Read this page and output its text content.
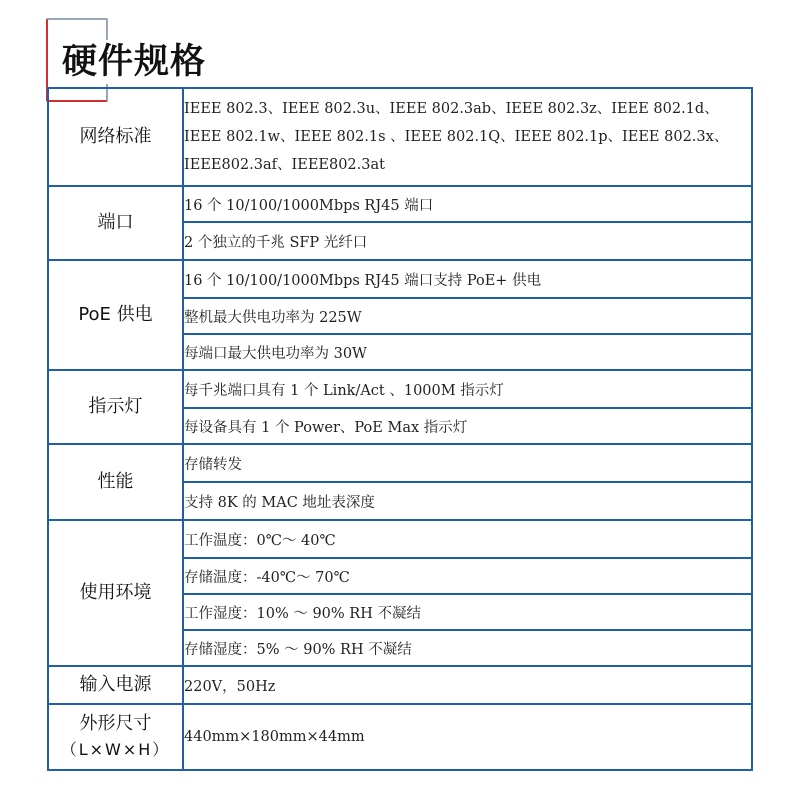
硬件规格
网络标准	IEEE 802.3、IEEE 802.3u、IEEE 802.3ab、IEEE 802.3z、IEEE 802.1d、IEEE 802.1w、IEEE 802.1s 、IEEE 802.1Q、IEEE 802.1p、IEEE 802.3x、IEEE802.3af、IEEE802.3at
端口	16 个 10/100/1000Mbps RJ45 端口
	2 个独立的千兆 SFP 光纤口
PoE 供电	16 个 10/100/1000Mbps RJ45 端口支持 PoE+ 供电
	整机最大供电功率为 225W
	每端口最大供电功率为 30W
指示灯	每千兆端口具有 1 个 Link/Act 、1000M 指示灯
	每设备具有 1 个 Power、PoE Max 指示灯
性能	存储转发
	支持 8K 的 MAC 地址表深度
使用环境	工作温度：0℃～ 40℃
	存储温度：-40℃～ 70℃
	工作湿度：10% ～ 90% RH 不凝结
	存储湿度：5% ～ 90% RH 不凝结
输入电源	220V，50Hz
外形尺寸
（L×W×H）	440mm×180mm×44mm
